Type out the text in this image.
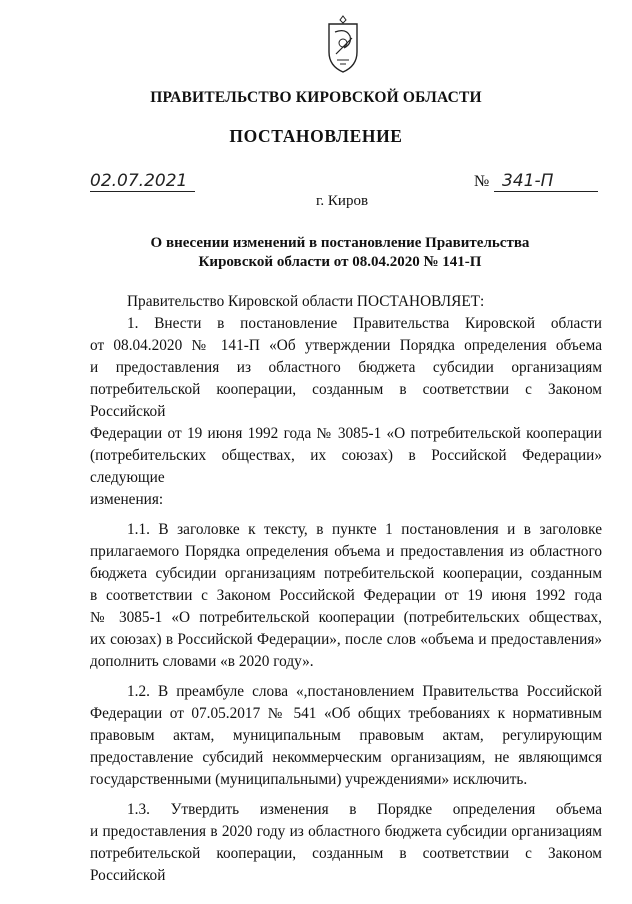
ПРАВИТЕЛЬСТВО КИРОВСКОЙ ОБЛАСТИ
ПОСТАНОВЛЕНИЕ
02.07.2021	№ 341-П
г. Киров
О внесении изменений в постановление Правительства
Кировской области от 08.04.2020 № 141-П

Правительство Кировской области ПОСТАНОВЛЯЕТ:

1. Внести в постановление Правительства Кировской области

от 08.04.2020 № 141-П «Об утверждении Порядка определения объема

и предоставления из областного бюджета субсидии организациям

потребительской кооперации, созданным в соответствии с Законом Российской

Федерации от 19 июня 1992 года № 3085-1 «О потребительской кооперации

(потребительских обществах, их союзах) в Российской Федерации» следующие

изменения:

1.1. В заголовке к тексту, в пункте 1 постановления и в заголовке

прилагаемого Порядка определения объема и предоставления из областного

бюджета субсидии организациям потребительской кооперации, созданным

в соответствии с Законом Российской Федерации от 19 июня 1992 года

№ 3085-1 «О потребительской кооперации (потребительских обществах,

их союзах) в Российской Федерации», после слов «объема и предоставления»

дополнить словами «в 2020 году».

1.2. В преамбуле слова «,постановлением Правительства Российской

Федерации от 07.05.2017 № 541 «Об общих требованиях к нормативным

правовым актам, муниципальным правовым актам, регулирующим

предоставление субсидий некоммерческим организациям, не являющимся

государственными (муниципальными) учреждениями» исключить.

1.3. Утвердить изменения в Порядке определения объема

и предоставления в 2020 году из областного бюджета субсидии организациям

потребительской кооперации, созданным в соответствии с Законом Российской
